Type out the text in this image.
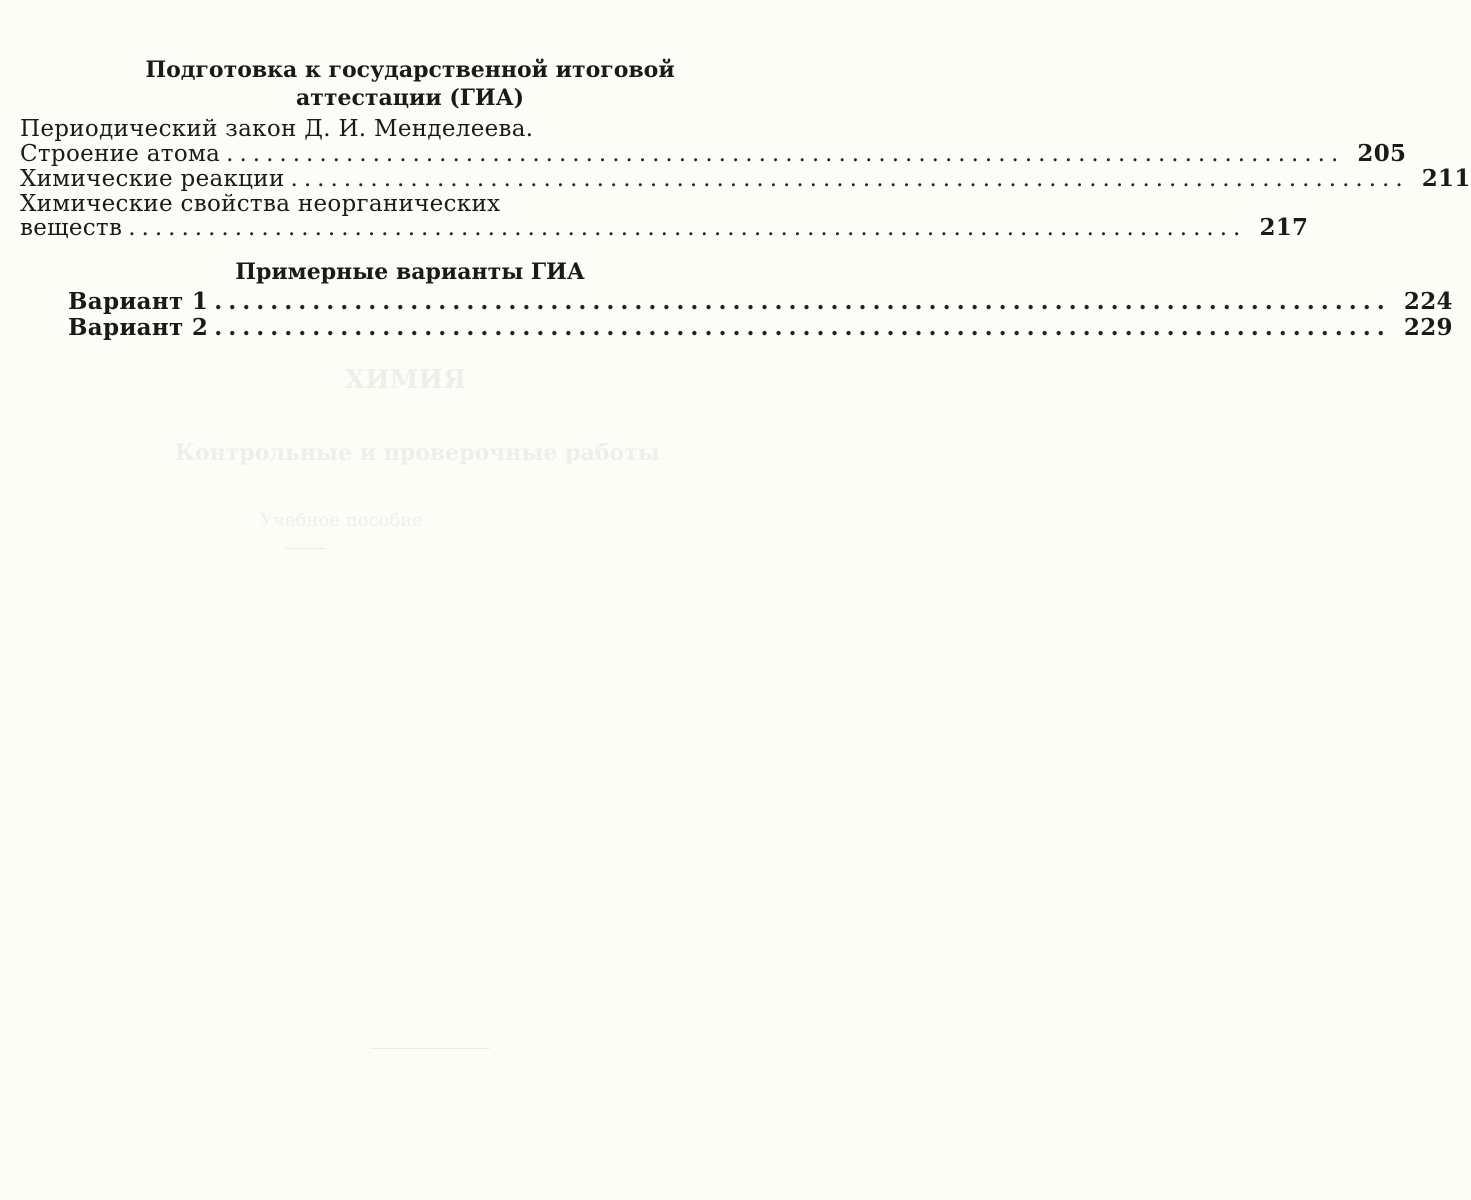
ХИМИЯ
Контрольные и проверочные работы
Учебное пособие
Подготовка к государственной итоговой
аттестации (ГИА)
Периодический закон Д. И. Менделеева.
Строение атома .................................................................................... 205
Химические реакции .................................................................................... 211
Химические свойства неорганических
веществ .................................................................................... 217
Примерные варианты ГИА
Вариант 1 .................................................................................... 224
Вариант 2 .................................................................................... 229
